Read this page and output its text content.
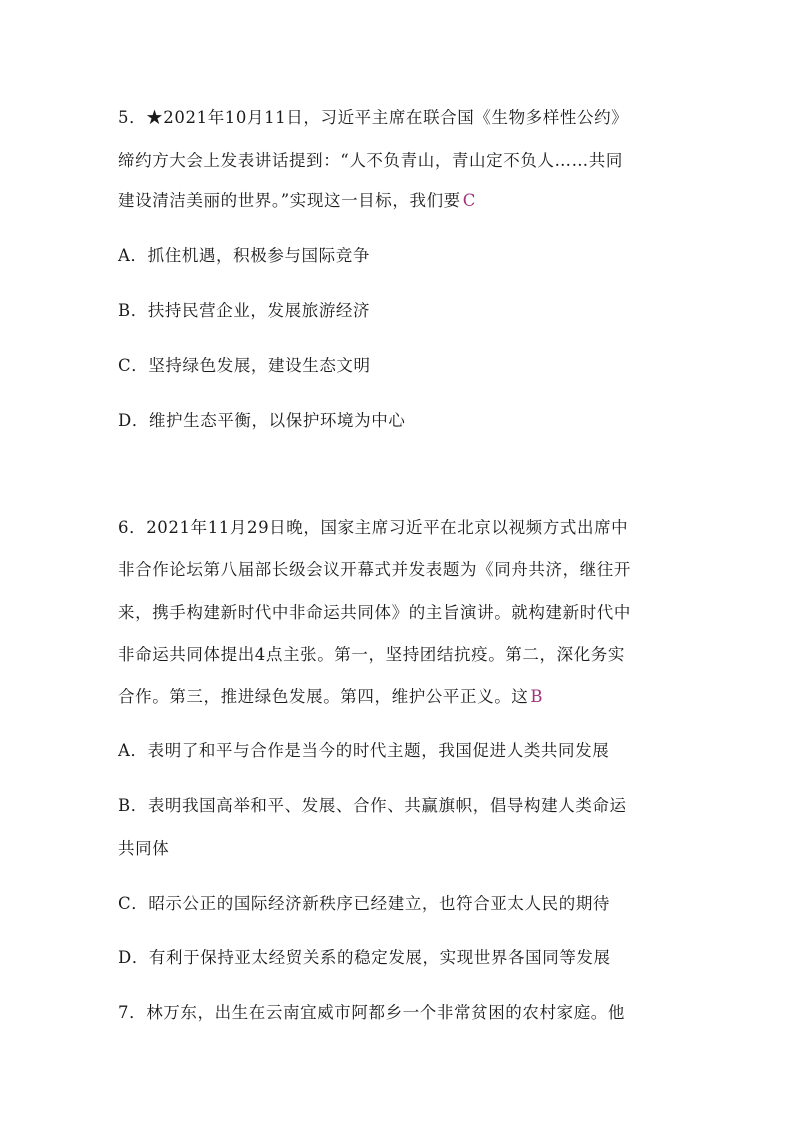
5．★2021年10月11日，习近平主席在联合国《生物多样性公约》
缔约方大会上发表讲话提到：“人不负青山，青山定不负人……共同
建设清洁美丽的世界。”实现这一目标，我们要 C
A．抓住机遇，积极参与国际竞争
B．扶持民营企业，发展旅游经济
C．坚持绿色发展，建设生态文明
D．维护生态平衡，以保护环境为中心
6．2021年11月29日晚，国家主席习近平在北京以视频方式出席中
非合作论坛第八届部长级会议开幕式并发表题为《同舟共济，继往开
来，携手构建新时代中非命运共同体》的主旨演讲。就构建新时代中
非命运共同体提出4点主张。第一，坚持团结抗疫。第二，深化务实
合作。第三，推进绿色发展。第四，维护公平正义。这 B
A．表明了和平与合作是当今的时代主题，我国促进人类共同发展
B．表明我国高举和平、发展、合作、共赢旗帜，倡导构建人类命运
共同体
C．昭示公正的国际经济新秩序已经建立，也符合亚太人民的期待
D．有利于保持亚太经贸关系的稳定发展，实现世界各国同等发展
7．林万东，出生在云南宜威市阿都乡一个非常贫困的农村家庭。他
